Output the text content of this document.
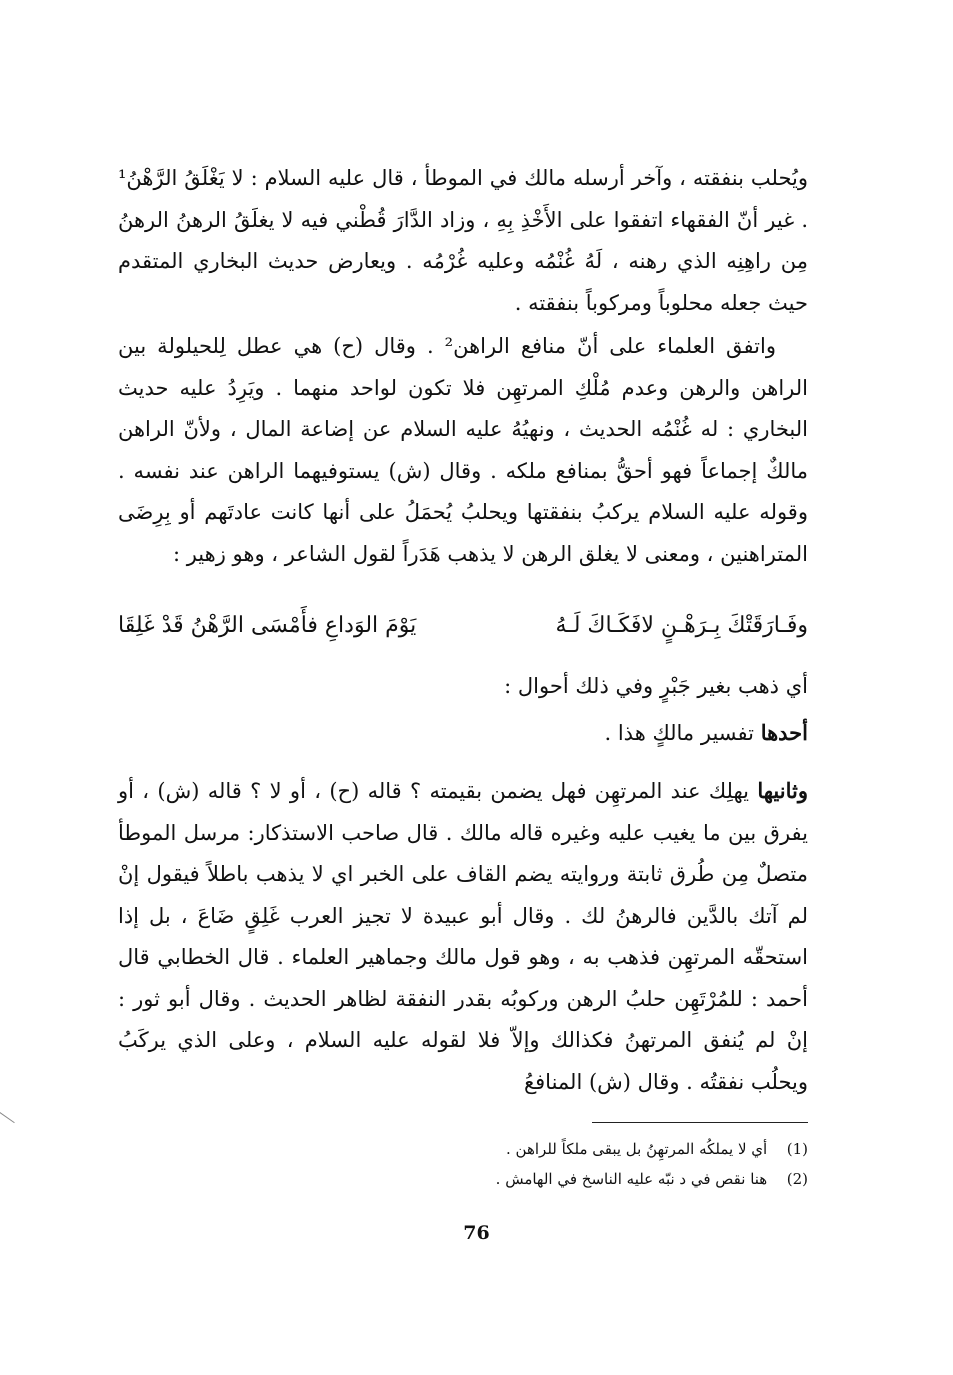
ويُحلب بنفقته ، وآخر أرسله مالك في الموطأ ، قال عليه السلام : لا يَغْلَقُ الرَّهْنُ¹ . غير أنّ الفقهاء اتفقوا على الأَخْذِ بِهِ ، وزاد الدَّارَ قُطْني فيه لا يغلَقُ الرهنُ الرهنُ مِن راهِنِه الذي رهنه ، لَهُ غُنْمُه وعليه غُرْمُه . ويعارض حديث البخاري المتقدم حيث جعله محلوباً ومركوباً بنفقته .

واتفق العلماء على أنّ منافع الراهن² . وقال (ح) هي عطل لِلحيلولة بين الراهن والرهن وعدم مُلْكِ المرتهِن فلا تكون لواحد منهما . ويَرِدُ عليه حديث البخاري : له غُنْمُه الحديث ، ونهيُهُ عليه السلام عن إضاعة المال ، ولأنّ الراهن مالكٌ إجماعاً فهو أحقُّ بمنافع ملكه . وقال (ش) يستوفيهما الراهن عند نفسه . وقوله عليه السلام يركبُ بنفقتها ويحلبُ يُحمَلُ على أنها كانت عادتَهم أو بِرِضَى المتراهنين ، ومعنى لا يغلق الرهن لا يذهب هَدَراً لقول الشاعر ، وهو زهير :

وفَـارَقَتْكَ بِـرَهْـنٍ لافَكَـاكَ لَـهُ
يَوْمَ الوَداعِ فأَمْسَى الرَّهْنُ قَدْ غَلِقَا
أي ذهب بغير جَبْرٍ وفي ذلك أحوال :
أحدها تفسير مالكٍ هذا .

وثانيها يهلِك عند المرتهِن فهل يضمن بقيمته ؟ قاله (ح) ، أو لا ؟ قاله (ش) ، أو يفرق بين ما يغيب عليه وغيره قاله مالك . قال صاحب الاستذكار: مرسل الموطأ متصلٌ مِن طُرق ثابتة وروايته يضم القاف على الخبر اي لا يذهب باطلاً فيقول إنْ لم آتك بالدَّين فالرهنُ لك . وقال أبو عبيدة لا تجيز العرب غَلِقٍ ضَاعَ ، بل إذا استحقّه المرتهِن فذهب به ، وهو قول مالك وجماهير العلماء . قال الخطابي قال أحمد : للمُرْتَهِن حلبُ الرهن وركوبُه بقدر النفقة لظاهر الحديث . وقال أبو ثور : إنْ لم يُنفق المرتهنُ فكذالك وإلاّ فلا لقوله عليه السلام ، وعلى الذي يركَبُ ويحلُب نفقتُه . وقال (ش) المنافعُ

(1) أي لا يملكُه المرتهِنُ بل يبقى ملكاً للراهن .
(2) هنا نقص في د نبّه عليه الناسخ في الهامش .
76
